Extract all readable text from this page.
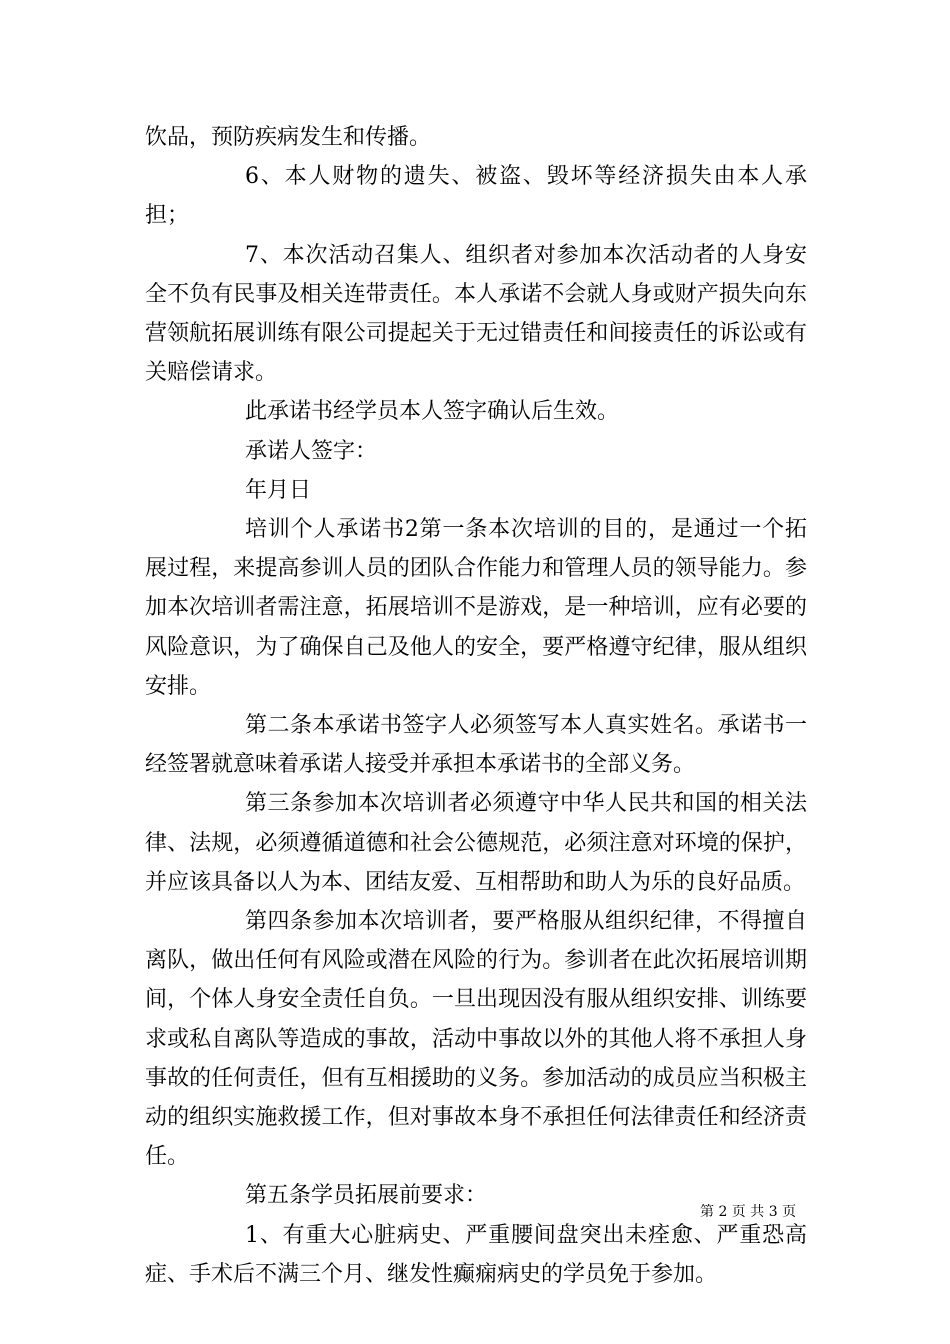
饮品，预防疾病发生和传播。

6、本人财物的遗失、被盗、毁坏等经济损失由本人承担；

7、本次活动召集人、组织者对参加本次活动者的人身安全不负有民事及相关连带责任。本人承诺不会就人身或财产损失向东营领航拓展训练有限公司提起关于无过错责任和间接责任的诉讼或有关赔偿请求。

此承诺书经学员本人签字确认后生效。

承诺人签字：

年月日

培训个人承诺书2第一条本次培训的目的，是通过一个拓展过程，来提高参训人员的团队合作能力和管理人员的领导能力。参加本次培训者需注意，拓展培训不是游戏，是一种培训，应有必要的风险意识，为了确保自己及他人的安全，要严格遵守纪律，服从组织安排。

第二条本承诺书签字人必须签写本人真实姓名。承诺书一经签署就意味着承诺人接受并承担本承诺书的全部义务。

第三条参加本次培训者必须遵守中华人民共和国的相关法律、法规，必须遵循道德和社会公德规范，必须注意对环境的保护，并应该具备以人为本、团结友爱、互相帮助和助人为乐的良好品质。

第四条参加本次培训者，要严格服从组织纪律，不得擅自离队，做出任何有风险或潜在风险的行为。参训者在此次拓展培训期间，个体人身安全责任自负。一旦出现因没有服从组织安排、训练要求或私自离队等造成的事故，活动中事故以外的其他人将不承担人身事故的任何责任，但有互相援助的义务。参加活动的成员应当积极主动的组织实施救援工作，但对事故本身不承担任何法律责任和经济责任。

第五条学员拓展前要求：

1、有重大心脏病史、严重腰间盘突出未痊愈、严重恐高症、手术后不满三个月、继发性癫痫病史的学员免于参加。

第 2 页 共 3 页
